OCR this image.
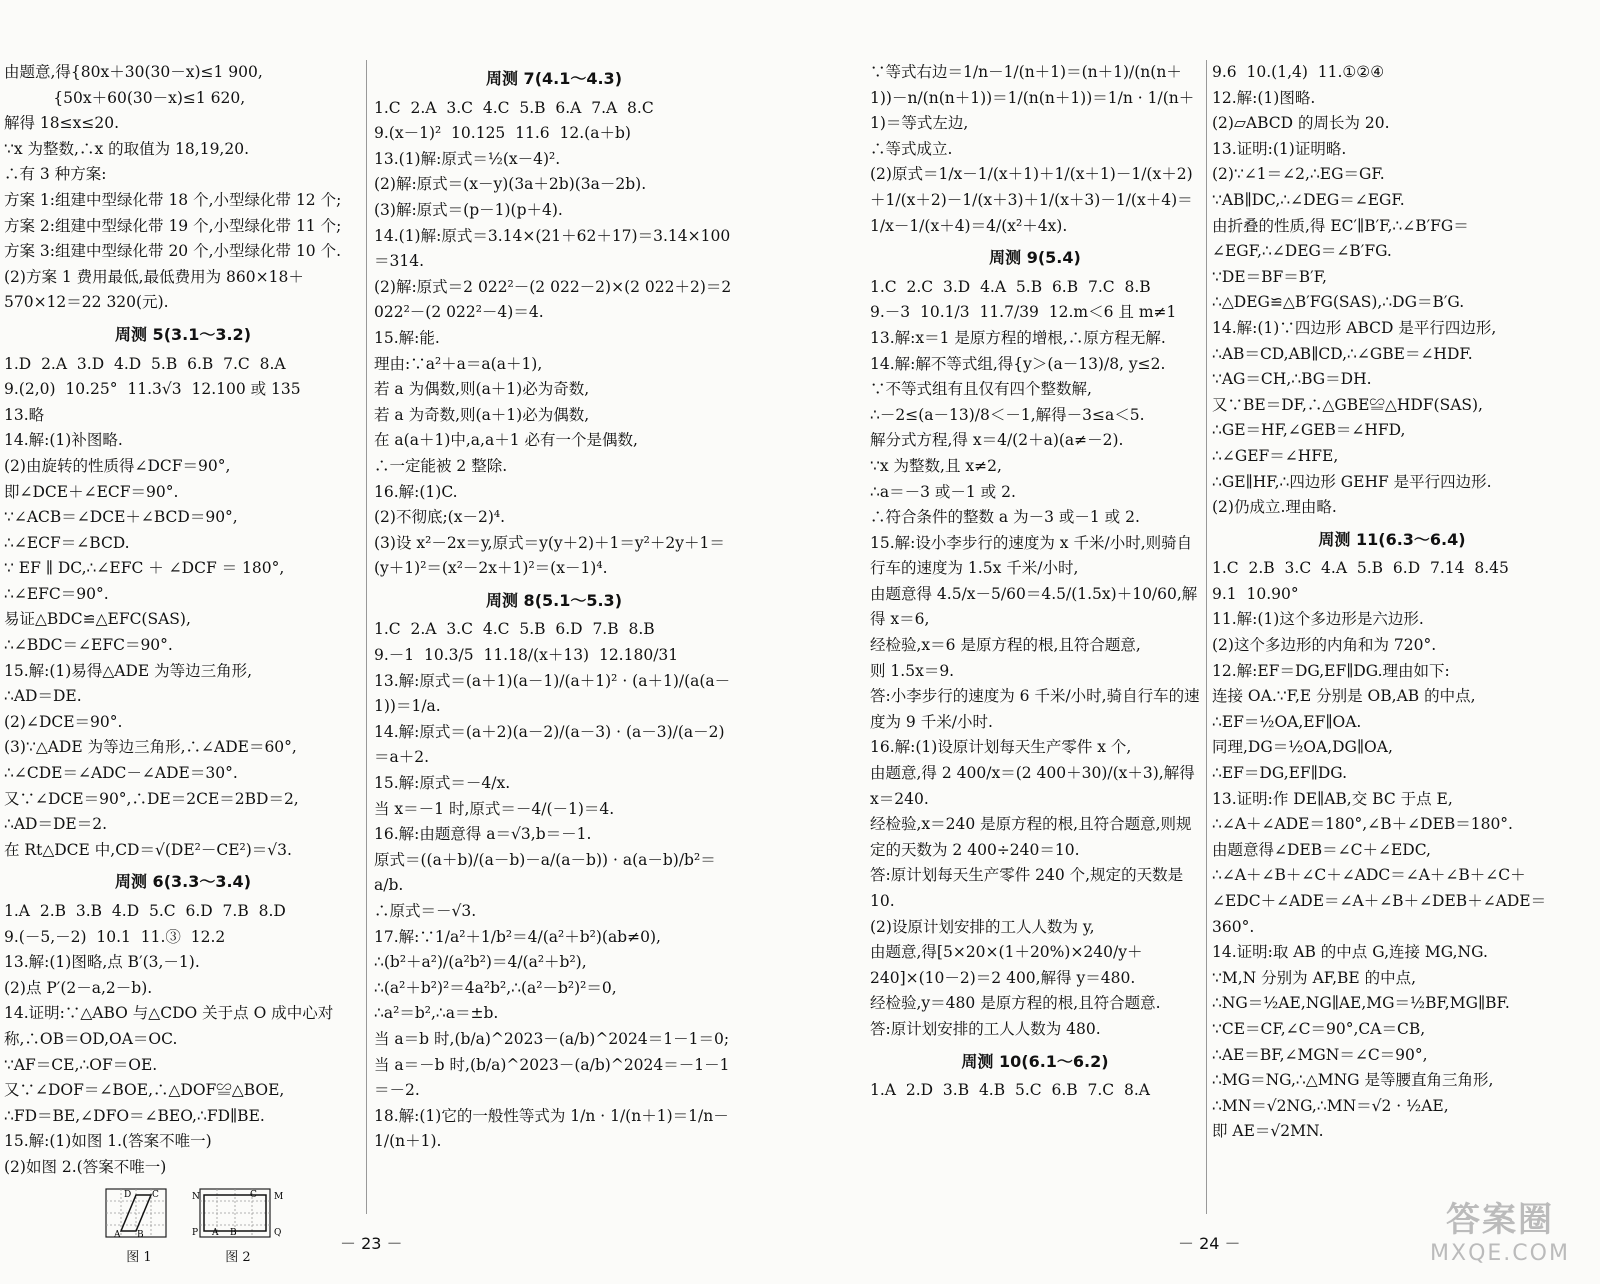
由题意,得{80x＋30(30－x)≤1 900,
{50x＋60(30－x)≤1 620,
解得 18≤x≤20.
∵x 为整数,∴x 的取值为 18,19,20.
∴有 3 种方案:
方案 1:组建中型绿化带 18 个,小型绿化带 12 个;
方案 2:组建中型绿化带 19 个,小型绿化带 11 个;
方案 3:组建中型绿化带 20 个,小型绿化带 10 个.
(2)方案 1 费用最低,最低费用为 860×18＋570×12＝22 320(元).
周测 5(3.1～3.2)
1.D  2.A  3.D  4.D  5.B  6.B  7.C  8.A
9.(2,0)  10.25°  11.3√3  12.100 或 135
13.略
14.解:(1)补图略.
(2)由旋转的性质得∠DCF＝90°,
即∠DCE＋∠ECF＝90°.
∵∠ACB＝∠DCE＋∠BCD＝90°,
∴∠ECF＝∠BCD.
∵ EF ∥ DC,∴∠EFC ＋ ∠DCF ＝ 180°,
∴∠EFC＝90°.
易证△BDC≌△EFC(SAS),
∴∠BDC＝∠EFC＝90°.
15.解:(1)易得△ADE 为等边三角形,
∴AD＝DE.
(2)∠DCE＝90°.
(3)∵△ADE 为等边三角形,∴∠ADE＝60°,
∴∠CDE＝∠ADC－∠ADE＝30°.
又∵∠DCE＝90°,∴DE＝2CE＝2BD＝2,
∴AD＝DE＝2.
在 Rt△DCE 中,CD＝√(DE²－CE²)＝√3.
周测 6(3.3～3.4)
1.A  2.B  3.B  4.D  5.C  6.D  7.B  8.D
9.(－5,－2)  10.1  11.③  12.2
13.解:(1)图略,点 B′(3,－1).
(2)点 P′(2－a,2－b).
14.证明:∵△ABO 与△CDO 关于点 O 成中心对称,∴OB＝OD,OA＝OC.
∵AF＝CE,∴OF＝OE.
又∵∠DOF＝∠BOE,∴△DOF≌△BOE,
∴FD＝BE,∠DFO＝∠BEO,∴FD∥BE.
15.解:(1)如图 1.(答案不唯一)
(2)如图 2.(答案不唯一)
D C
A B
图 1
N	C M
P A B	Q
图 2
周测 7(4.1～4.3)
1.C  2.A  3.C  4.C  5.B  6.A  7.A  8.C
9.(x－1)²  10.125  11.6  12.(a＋b)
13.(1)解:原式＝½(x－4)².
(2)解:原式＝(x－y)(3a＋2b)(3a－2b).
(3)解:原式＝(p－1)(p＋4).
14.(1)解:原式＝3.14×(21＋62＋17)＝3.14×100＝314.
(2)解:原式＝2 022²－(2 022－2)×(2 022＋2)＝2 022²－(2 022²－4)＝4.
15.解:能.
理由:∵a²＋a＝a(a＋1),
若 a 为偶数,则(a＋1)必为奇数,
若 a 为奇数,则(a＋1)必为偶数,
在 a(a＋1)中,a,a＋1 必有一个是偶数,
∴一定能被 2 整除.
16.解:(1)C.
(2)不彻底;(x－2)⁴.
(3)设 x²－2x＝y,原式＝y(y＋2)＋1＝y²＋2y＋1＝(y＋1)²＝(x²－2x＋1)²＝(x－1)⁴.
周测 8(5.1～5.3)
1.C  2.A  3.C  4.C  5.B  6.D  7.B  8.B
9.－1  10.3/5  11.18/(x＋13)  12.180/31
13.解:原式＝(a＋1)(a－1)/(a＋1)² · (a＋1)/(a(a－1))＝1/a.
14.解:原式＝(a＋2)(a－2)/(a－3) · (a－3)/(a－2)＝a＋2.
15.解:原式＝－4/x.
当 x＝－1 时,原式＝－4/(－1)＝4.
16.解:由题意得 a＝√3,b＝－1.
原式＝((a＋b)/(a－b)－a/(a－b)) · a(a－b)/b²＝a/b.
∴原式＝－√3.
17.解:∵1/a²＋1/b²＝4/(a²＋b²)(ab≠0),
∴(b²＋a²)/(a²b²)＝4/(a²＋b²),
∴(a²＋b²)²＝4a²b²,∴(a²－b²)²＝0,
∴a²＝b²,∴a＝±b.
当 a＝b 时,(b/a)^2023－(a/b)^2024＝1－1＝0;
当 a＝－b 时,(b/a)^2023－(a/b)^2024＝－1－1＝－2.
18.解:(1)它的一般性等式为 1/n · 1/(n＋1)＝1/n－1/(n＋1).
∵等式右边＝1/n－1/(n＋1)＝(n＋1)/(n(n＋1))－n/(n(n＋1))＝1/(n(n＋1))＝1/n · 1/(n＋1)＝等式左边,
∴等式成立.
(2)原式＝1/x－1/(x＋1)＋1/(x＋1)－1/(x＋2)＋1/(x＋2)－1/(x＋3)＋1/(x＋3)－1/(x＋4)＝1/x－1/(x＋4)＝4/(x²＋4x).
周测 9(5.4)
1.C  2.C  3.D  4.A  5.B  6.B  7.C  8.B
9.－3  10.1/3  11.7/39  12.m＜6 且 m≠1
13.解:x＝1 是原方程的增根,∴原方程无解.
14.解:解不等式组,得{y＞(a－13)/8, y≤2.
∵不等式组有且仅有四个整数解,
∴－2≤(a－13)/8＜－1,解得－3≤a＜5.
解分式方程,得 x＝4/(2＋a)(a≠－2).
∵x 为整数,且 x≠2,
∴a＝－3 或－1 或 2.
∴符合条件的整数 a 为－3 或－1 或 2.
15.解:设小李步行的速度为 x 千米/小时,则骑自行车的速度为 1.5x 千米/小时,
由题意得 4.5/x－5/60＝4.5/(1.5x)＋10/60,解得 x＝6,
经检验,x＝6 是原方程的根,且符合题意,
则 1.5x＝9.
答:小李步行的速度为 6 千米/小时,骑自行车的速度为 9 千米/小时.
16.解:(1)设原计划每天生产零件 x 个,
由题意,得 2 400/x＝(2 400＋30)/(x＋3),解得 x＝240.
经检验,x＝240 是原方程的根,且符合题意,则规定的天数为 2 400÷240＝10.
答:原计划每天生产零件 240 个,规定的天数是 10.
(2)设原计划安排的工人人数为 y,
由题意,得[5×20×(1＋20%)×240/y＋240]×(10－2)＝2 400,解得 y＝480.
经检验,y＝480 是原方程的根,且符合题意.
答:原计划安排的工人人数为 480.
周测 10(6.1～6.2)
1.A  2.D  3.B  4.B  5.C  6.B  7.C  8.A
9.6  10.(1,4)  11.①②④
12.解:(1)图略.
(2)▱ABCD 的周长为 20.
13.证明:(1)证明略.
(2)∵∠1＝∠2,∴EG＝GF.
∵AB∥DC,∴∠DEG＝∠EGF.
由折叠的性质,得 EC′∥B′F,∴∠B′FG＝∠EGF,∴∠DEG＝∠B′FG.
∵DE＝BF＝B′F,
∴△DEG≌△B′FG(SAS),∴DG＝B′G.
14.解:(1)∵四边形 ABCD 是平行四边形,
∴AB＝CD,AB∥CD,∴∠GBE＝∠HDF.
∵AG＝CH,∴BG＝DH.
又∵BE＝DF,∴△GBE≌△HDF(SAS),
∴GE＝HF,∠GEB＝∠HFD,
∴∠GEF＝∠HFE,
∴GE∥HF,∴四边形 GEHF 是平行四边形.
(2)仍成立.理由略.
周测 11(6.3～6.4)
1.C  2.B  3.C  4.A  5.B  6.D  7.14  8.45
9.1  10.90°
11.解:(1)这个多边形是六边形.
(2)这个多边形的内角和为 720°.
12.解:EF＝DG,EF∥DG.理由如下:
连接 OA.∵F,E 分别是 OB,AB 的中点,
∴EF＝½OA,EF∥OA.
同理,DG＝½OA,DG∥OA,
∴EF＝DG,EF∥DG.
13.证明:作 DE∥AB,交 BC 于点 E,
∴∠A＋∠ADE＝180°,∠B＋∠DEB＝180°.
由题意得∠DEB＝∠C＋∠EDC,
∴∠A＋∠B＋∠C＋∠ADC＝∠A＋∠B＋∠C＋∠EDC＋∠ADE＝∠A＋∠B＋∠DEB＋∠ADE＝360°.
14.证明:取 AB 的中点 G,连接 MG,NG.
∵M,N 分别为 AF,BE 的中点,
∴NG＝½AE,NG∥AE,MG＝½BF,MG∥BF.
∵CE＝CF,∠C＝90°,CA＝CB,
∴AE＝BF,∠MGN＝∠C＝90°,
∴MG＝NG,∴△MNG 是等腰直角三角形,
∴MN＝√2NG,∴MN＝√2 · ½AE,
即 AE＝√2MN.
－ 23 －	－ 24 －
答案圈
MXQE.COM
